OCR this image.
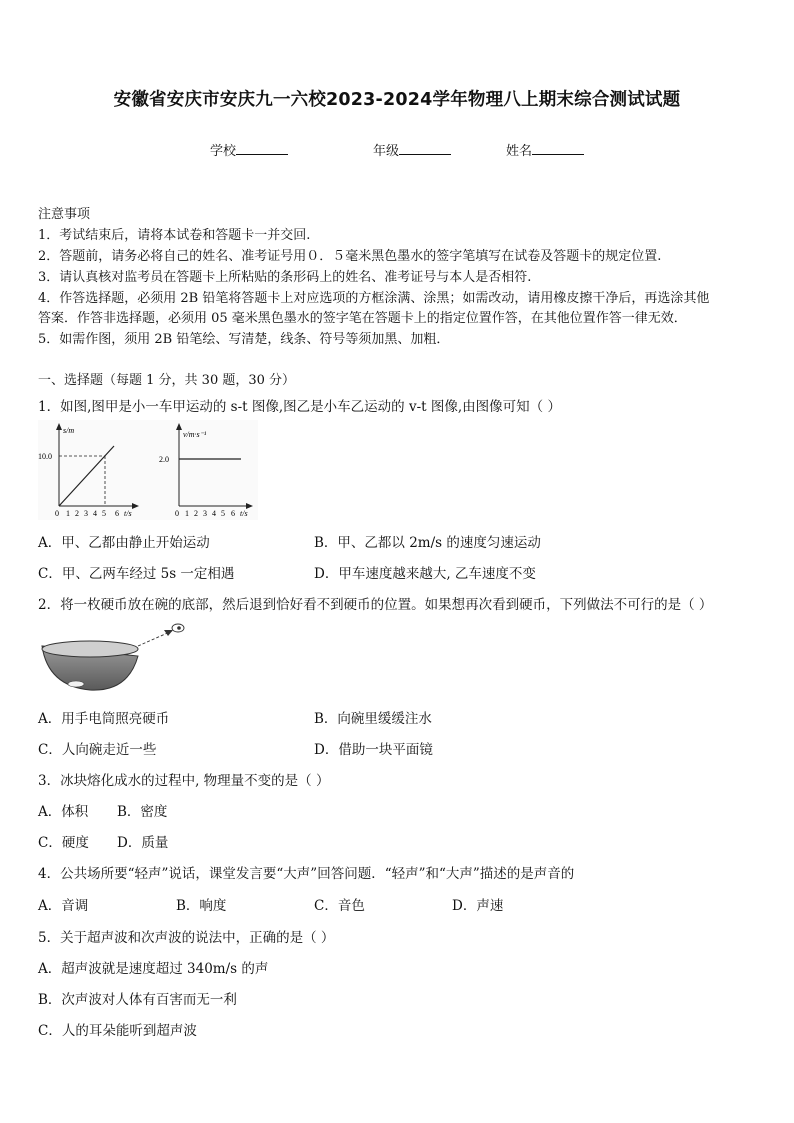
安徽省安庆市安庆九一六校2023-2024学年物理八上期末综合测试试题
学校	年级	姓名
注意事项
1．考试结束后，请将本试卷和答题卡一并交回.
2．答题前，请务必将自己的姓名、准考证号用０．５毫米黑色墨水的签字笔填写在试卷及答题卡的规定位置.
3．请认真核对监考员在答题卡上所粘贴的条形码上的姓名、准考证号与本人是否相符.
4．作答选择题，必须用 2B 铅笔将答题卡上对应选项的方框涂满、涂黑；如需改动，请用橡皮擦干净后，再选涂其他
答案．作答非选择题，必须用 05 毫米黑色墨水的签字笔在答题卡上的指定位置作答，在其他位置作答一律无效．
5．如需作图，须用 2B 铅笔绘、写清楚，线条、符号等须加黑、加粗．
一、选择题（每题 1 分，共 30 题，30 分）
1．如图,图甲是小一车甲运动的 s-t 图像,图乙是小车乙运动的 v-t 图像,由图像可知（ ）
s/m
10.0
0 1 2 3 4 5 6 t/s
v/m·s⁻¹
2.0
0 1 2 3 4 5 6 t/s
A．甲、乙都由静止开始运动	B．甲、乙都以 2m/s 的速度匀速运动
C．甲、乙两车经过 5s 一定相遇	D．甲车速度越来越大, 乙车速度不变
2．将一枚硬币放在碗的底部，然后退到恰好看不到硬币的位置。如果想再次看到硬币，下列做法不可行的是（ ）
A．用手电筒照亮硬币	B．向碗里缓缓注水
C．人向碗走近一些	D．借助一块平面镜
3．冰块熔化成水的过程中, 物理量不变的是（ ）
A．体积 B．密度
C．硬度 D．质量
4．公共场所要“轻声”说话，课堂发言要“大声”回答问题．“轻声”和“大声”描述的是声音的
A．音调	B．响度	C．音色	D．声速
5．关于超声波和次声波的说法中，正确的是（ ）
A．超声波就是速度超过 340m/s 的声
B．次声波对人体有百害而无一利
C．人的耳朵能听到超声波
